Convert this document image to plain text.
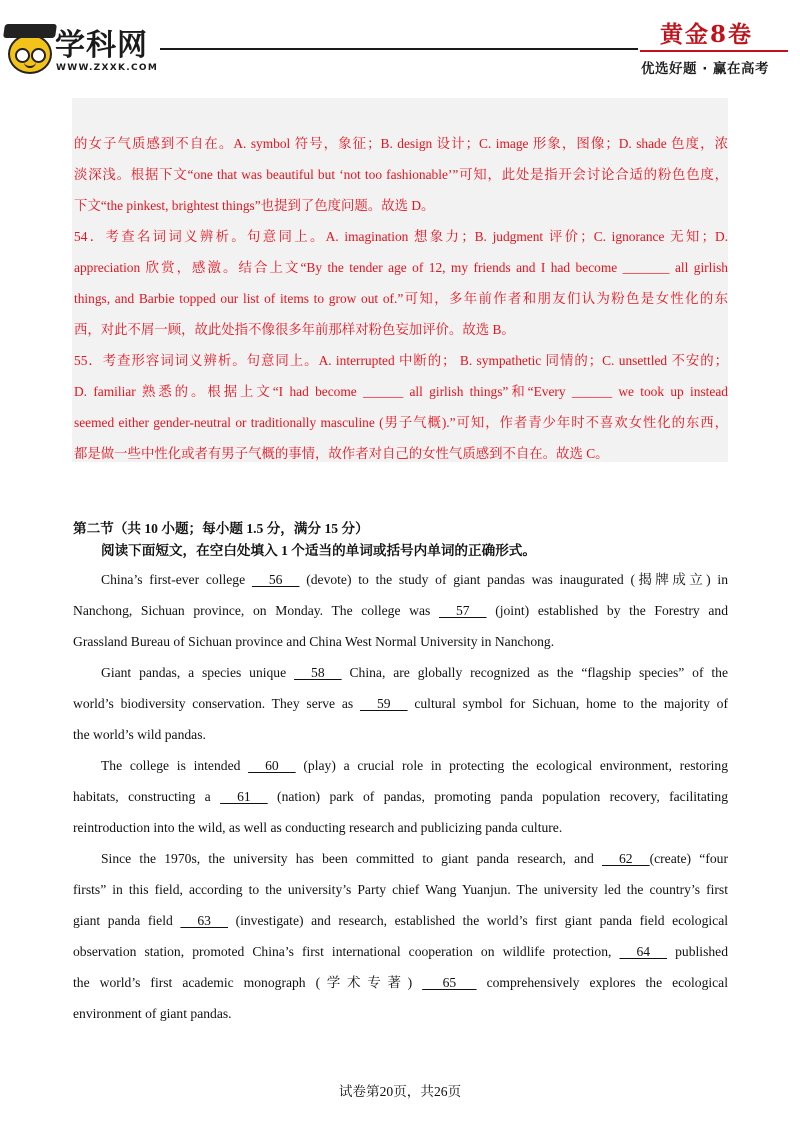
学科网
WWW.ZXXK.COM
黄金8卷
优选好题 · 赢在高考
的女子气质感到不自在。A. symbol 符号，象征；B. design 设计；C. image 形象，图像；D. shade 色度，浓
淡深浅。根据下文“one that was beautiful but ‘not too fashionable’”可知，此处是指开会讨论合适的粉色色度，
下文“the pinkest, brightest things”也提到了色度问题。故选 D。
54．考查名词词义辨析。句意同上。A. imagination 想象力；B. judgment 评价；C. ignorance 无知；D.
appreciation 欣赏，感激。结合上文“By the tender age of 12, my friends and I had become _______ all girlish
things, and Barbie topped our list of items to grow out of.”可知，多年前作者和朋友们认为粉色是女性化的东
西，对此不屑一顾，故此处指不像很多年前那样对粉色妄加评价。故选 B。
55．考查形容词词义辨析。句意同上。A. interrupted 中断的； B. sympathetic 同情的；C. unsettled 不安的；
D. familiar 熟悉的。根据上文“I had become ______ all girlish things”和“Every ______ we took up instead
seemed either gender-neutral or traditionally masculine (男子气概).”可知，作者青少年时不喜欢女性化的东西，
都是做一些中性化或者有男子气概的事情，故作者对自己的女性气质感到不自在。故选 C。
第二节（共 10 小题；每小题 1.5 分，满分 15 分）
阅读下面短文，在空白处填入 1 个适当的单词或括号内单词的正确形式。
China’s first-ever college      56      (devote) to the study of giant pandas was inaugurated (揭牌成立) in
Nanchong, Sichuan province, on Monday. The college was      57      (joint) established by the Forestry and
Grassland Bureau of Sichuan province and China West Normal University in Nanchong.
Giant pandas, a species unique      58      China, are globally recognized as the “flagship species” of the
world’s biodiversity conservation. They serve as      59      cultural symbol for Sichuan, home to the majority of
the world’s wild pandas.
The college is intended      60      (play) a crucial role in protecting the ecological environment, restoring
habitats, constructing a      61      (nation) park of pandas, promoting panda population recovery, facilitating
reintroduction into the wild, as well as conducting research and publicizing panda culture.
Since the 1970s, the university has been committed to giant panda research, and      62     (create) “four
firsts” in this field, according to the university’s Party chief Wang Yuanjun. The university led the country’s first
giant panda field      63      (investigate) and research, established the world’s first giant panda field ecological
observation station, promoted China’s first international cooperation on wildlife protection,      64      published
the world’s first academic monograph (学术专著)       65       comprehensively explores the ecological
environment of giant pandas.
试卷第20页，共26页
